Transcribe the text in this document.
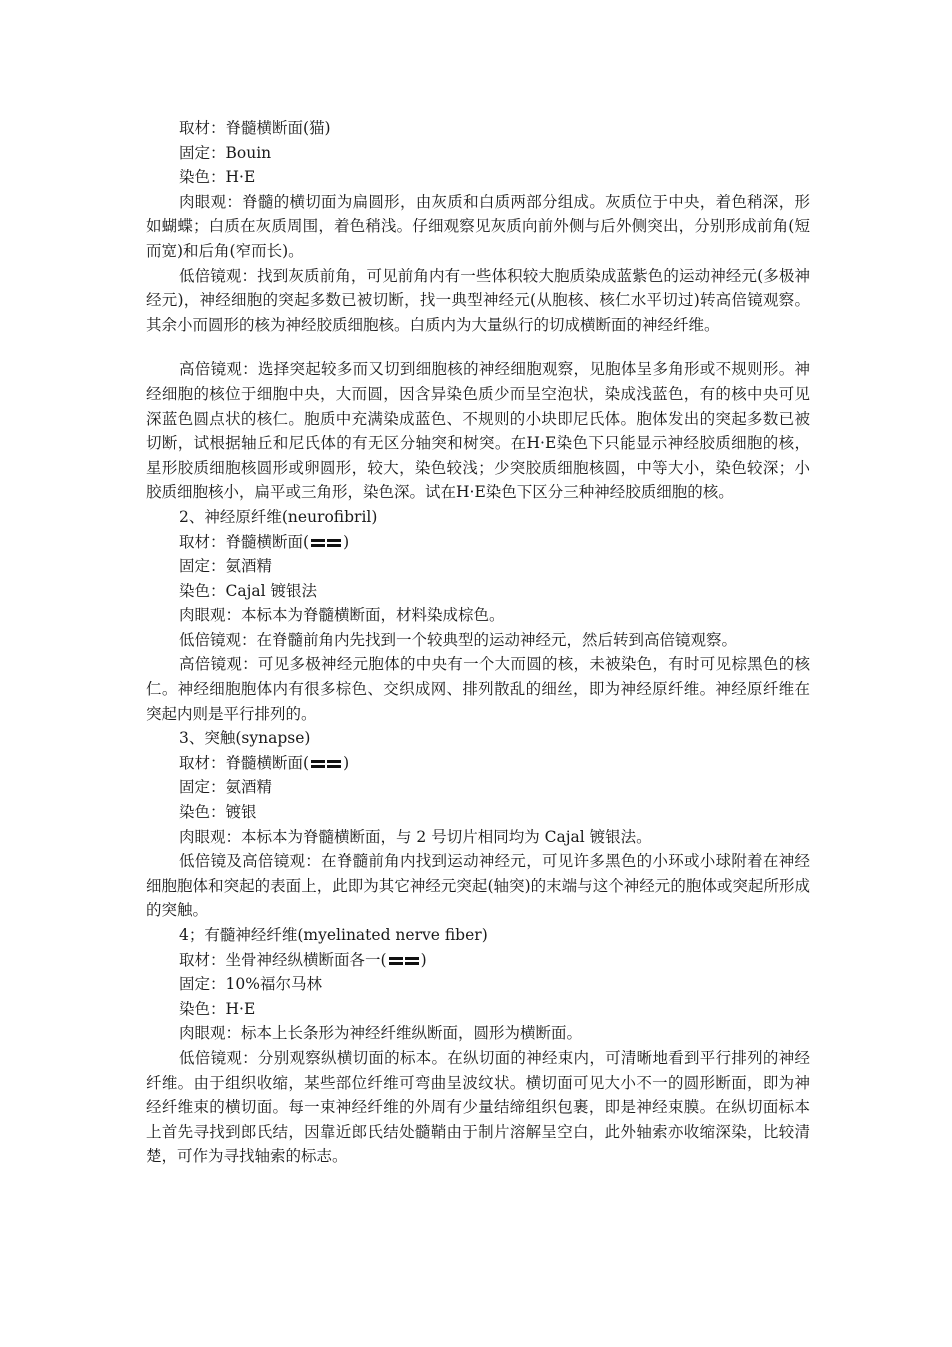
取材：脊髓横断面(猫)

固定：Bouin

染色：H·E

肉眼观：脊髓的横切面为扁圆形，由灰质和白质两部分组成。灰质位于中央，着色稍深，形如蝴蝶；白质在灰质周围，着色稍浅。仔细观察见灰质向前外侧与后外侧突出，分别形成前角(短而宽)和后角(窄而长)。

低倍镜观：找到灰质前角，可见前角内有一些体积较大胞质染成蓝紫色的运动神经元(多极神经元)，神经细胞的突起多数已被切断，找一典型神经元(从胞核、核仁水平切过)转高倍镜观察。其余小而圆形的核为神经胶质细胞核。白质内为大量纵行的切成横断面的神经纤维。

高倍镜观：选择突起较多而又切到细胞核的神经细胞观察，见胞体呈多角形或不规则形。神经细胞的核位于细胞中央，大而圆，因含异染色质少而呈空泡状，染成浅蓝色，有的核中央可见深蓝色圆点状的核仁。胞质中充满染成蓝色、不规则的小块即尼氏体。胞体发出的突起多数已被切断，试根据轴丘和尼氏体的有无区分轴突和树突。在H·E染色下只能显示神经胶质细胞的核，星形胶质细胞核圆形或卵圆形，较大，染色较浅；少突胶质细胞核圆，中等大小，染色较深；小胶质细胞核小，扁平或三角形，染色深。试在H·E染色下区分三种神经胶质细胞的核。

2、神经原纤维(neurofibril)

取材：脊髓横断面( )

固定：氨酒精

染色：Cajal 镀银法

肉眼观：本标本为脊髓横断面，材料染成棕色。

低倍镜观：在脊髓前角内先找到一个较典型的运动神经元，然后转到高倍镜观察。

高倍镜观：可见多极神经元胞体的中央有一个大而圆的核，未被染色，有时可见棕黑色的核仁。神经细胞胞体内有很多棕色、交织成网、排列散乱的细丝，即为神经原纤维。神经原纤维在突起内则是平行排列的。

3、突触(synapse)

取材：脊髓横断面( )

固定：氨酒精

染色：镀银

肉眼观：本标本为脊髓横断面，与 2 号切片相同均为 Cajal 镀银法。

低倍镜及高倍镜观：在脊髓前角内找到运动神经元，可见许多黑色的小环或小球附着在神经细胞胞体和突起的表面上，此即为其它神经元突起(轴突)的末端与这个神经元的胞体或突起所形成的突触。

4；有髓神经纤维(myelinated nerve fiber)

取材：坐骨神经纵横断面各一( )

固定：10%福尔马林

染色：H·E

肉眼观：标本上长条形为神经纤维纵断面，圆形为横断面。

低倍镜观：分别观察纵横切面的标本。在纵切面的神经束内，可清晰地看到平行排列的神经纤维。由于组织收缩，某些部位纤维可弯曲呈波纹状。横切面可见大小不一的圆形断面，即为神经纤维束的横切面。每一束神经纤维的外周有少量结缔组织包裹，即是神经束膜。在纵切面标本上首先寻找到郎氏结，因靠近郎氏结处髓鞘由于制片溶解呈空白，此外轴索亦收缩深染，比较清楚，可作为寻找轴索的标志。
